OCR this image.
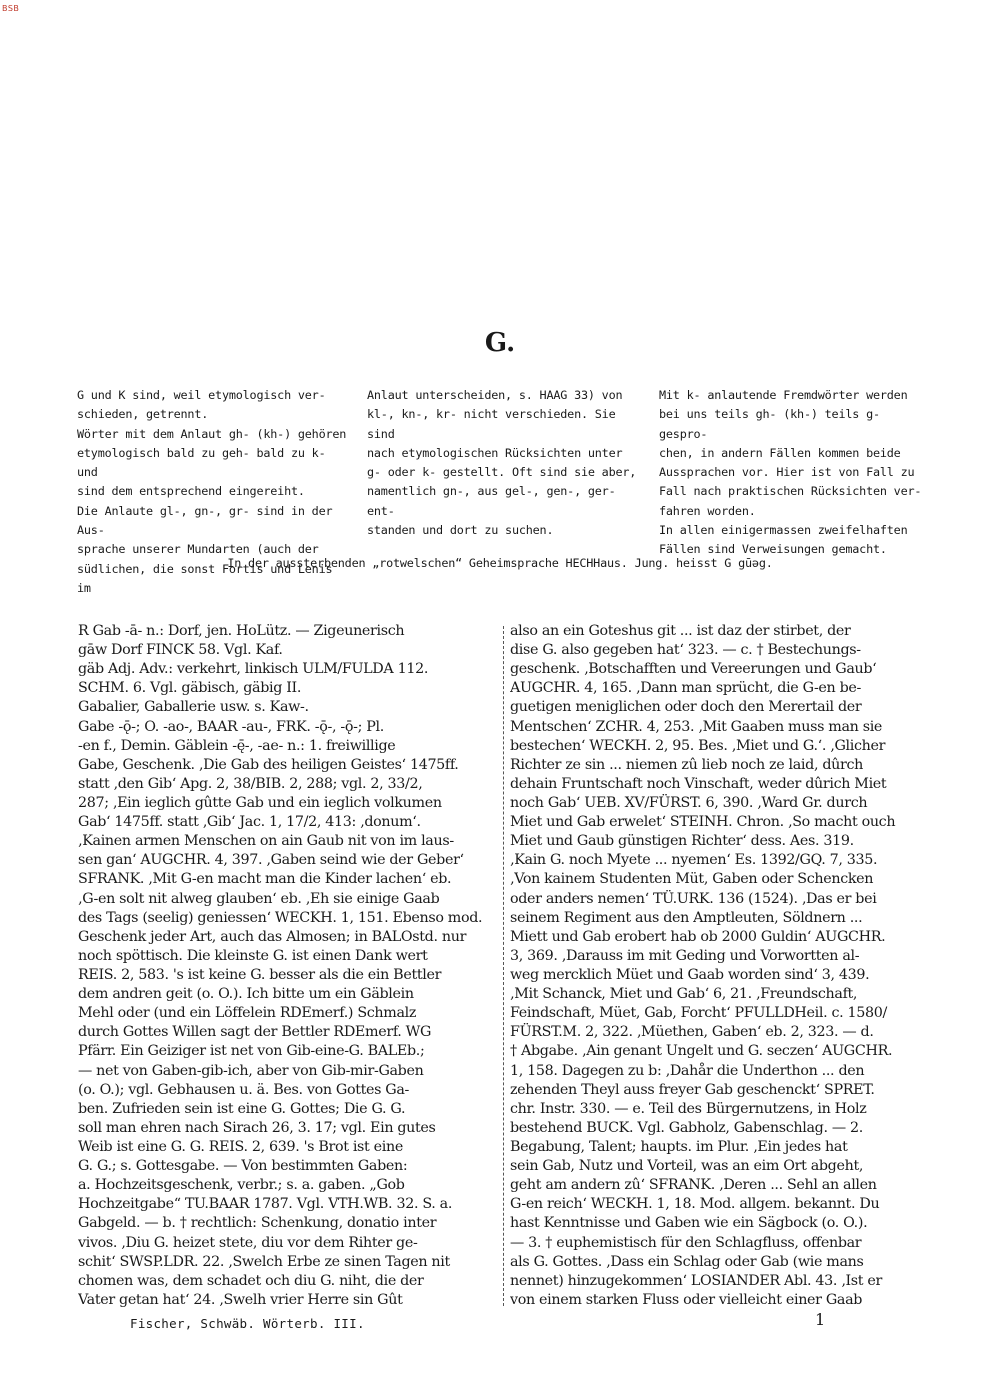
BSB
G.
G und K sind, weil etymologisch ver-
schieden, getrennt.
Wörter mit dem Anlaut gh- (kh-) gehören
etymologisch bald zu geh- bald zu k- und
sind dem entsprechend eingereiht.
Die Anlaute gl-, gn-, gr- sind in der Aus-
sprache unserer Mundarten (auch der
südlichen, die sonst Fortis und Lenis im
Anlaut unterscheiden, s. HAAG 33) von
kl-, kn-, kr- nicht verschieden. Sie sind
nach etymologischen Rücksichten unter
g- oder k- gestellt. Oft sind sie aber,
namentlich gn-, aus gel-, gen-, ger- ent-
standen und dort zu suchen.
Mit k- anlautende Fremdwörter werden
bei uns teils gh- (kh-) teils g- gespro-
chen, in andern Fällen kommen beide
Aussprachen vor. Hier ist von Fall zu
Fall nach praktischen Rücksichten ver-
fahren worden.
In allen einigermassen zweifelhaften
Fällen sind Verweisungen gemacht.
In der aussterbenden „rotwelschen“ Geheimsprache HECHHaus. Jung. heisst G gūəg.
R Gab -ā- n.: Dorf, jen. HoLütz. — Zigeunerisch
gāw Dorf FINCK 58. Vgl. Kaf.
gäb Adj. Adv.: verkehrt, linkisch ULM/FULDA 112.
SCHM. 6. Vgl. gäbisch, gäbig II.
Gabalier, Gaballerie usw. s. Kaw-.
Gabe -ǭ-; O. -ao-, BAAR -au-, FRK. -ǭ-, -ǭ-; Pl.
-en f., Demin. Gäblein -ę̄-, -ae- n.: 1. freiwillige
Gabe, Geschenk. ‚Die Gab des heiligen Geistes‘ 1475ff.
statt ‚den Gib‘ Apg. 2, 38/BIB. 2, 288; vgl. 2, 33/2,
287; ‚Ein ieglich gûtte Gab und ein ieglich volkumen
Gab‘ 1475ff. statt ‚Gib‘ Jac. 1, 17/2, 413: ‚donum‘.
‚Kainen armen Menschen on ain Gaub nit von im laus-
sen gan‘ AUGCHR. 4, 397. ‚Gaben seind wie der Geber‘
SFRANK. ‚Mit G-en macht man die Kinder lachen‘ eb.
‚G-en solt nit alweg glauben‘ eb. ‚Eh sie einige Gaab
des Tags (seelig) geniessen‘ WECKH. 1, 151. Ebenso mod.
Geschenk jeder Art, auch das Almosen; in BALOstd. nur
noch spöttisch. Die kleinste G. ist einen Dank wert
REIS. 2, 583. 's ist keine G. besser als die ein Bettler
dem andren geit (o. O.). Ich bitte um ein Gäblein
Mehl oder (und ein Löffelein RDEmerf.) Schmalz
durch Gottes Willen sagt der Bettler RDEmerf. WG
Pfärr. Ein Geiziger ist net von Gib-eine-G. BALEb.;
— net von Gaben-gib-ich, aber von Gib-mir-Gaben
(o. O.); vgl. Gebhausen u. ä. Bes. von Gottes Ga-
ben. Zufrieden sein ist eine G. Gottes; Die G. G.
soll man ehren nach Sirach 26, 3. 17; vgl. Ein gutes
Weib ist eine G. G. REIS. 2, 639. 's Brot ist eine
G. G.; s. Gottesgabe. — Von bestimmten Gaben:
a. Hochzeitsgeschenk, verbr.; s. a. gaben. „Gob
Hochzeitgabe“ TU.BAAR 1787. Vgl. VTH.WB. 32. S. a.
Gabgeld. — b. † rechtlich: Schenkung, donatio inter
vivos. ‚Diu G. heizet stete, diu vor dem Rihter ge-
schit‘ SWSP.LDR. 22. ‚Swelch Erbe ze sinen Tagen nit
chomen was, dem schadet och diu G. niht, die der
Vater getan hat‘ 24. ‚Swelh vrier Herre sin Gût
also an ein Goteshus git ... ist daz der stirbet, der
dise G. also gegeben hat‘ 323. — c. † Bestechungs-
geschenk. ‚Botschafften und Vereerungen und Gaub‘
AUGCHR. 4, 165. ‚Dann man sprücht, die G-en be-
guetigen meniglichen oder doch den Merertail der
Mentschen‘ ZCHR. 4, 253. ‚Mit Gaaben muss man sie
bestechen‘ WECKH. 2, 95. Bes. ‚Miet und G.‘. ‚Glicher
Richter ze sin ... niemen zû lieb noch ze laid, dûrch
dehain Fruntschaft noch Vinschaft, weder dûrich Miet
noch Gab‘ UEB. XV/FÜRST. 6, 390. ‚Ward Gr. durch
Miet und Gab erwelet‘ STEINH. Chron. ‚So macht ouch
Miet und Gaub günstigen Richter‘ dess. Aes. 319.
‚Kain G. noch Myete ... nyemen‘ Es. 1392/GQ. 7, 335.
‚Von kainem Studenten Müt, Gaben oder Schencken
oder anders nemen‘ TÜ.URK. 136 (1524). ‚Das er bei
seinem Regiment aus den Amptleuten, Söldnern ...
Miett und Gab erobert hab ob 2000 Guldin‘ AUGCHR.
3, 369. ‚Darauss im mit Geding und Vorwortten al-
weg mercklich Müet und Gaab worden sind‘ 3, 439.
‚Mit Schanck, Miet und Gab‘ 6, 21. ‚Freundschaft,
Feindschaft, Müet, Gab, Forcht‘ PFULLDHeil. c. 1580/
FÜRST.M. 2, 322. ‚Müethen, Gaben‘ eb. 2, 323. — d.
† Abgabe. ‚Ain genant Ungelt und G. seczen‘ AUGCHR.
1, 158. Dagegen zu b: ‚Dahår die Underthon ... den
zehenden Theyl auss freyer Gab geschenckt‘ SPRET.
chr. Instr. 330. — e. Teil des Bürgernutzens, in Holz
bestehend BUCK. Vgl. Gabholz, Gabenschlag. — 2.
Begabung, Talent; haupts. im Plur. ‚Ein jedes hat
sein Gab, Nutz und Vorteil, was an eim Ort abgeht,
geht am andern zû‘ SFRANK. ‚Deren ... Sehl an allen
G-en reich‘ WECKH. 1, 18. Mod. allgem. bekannt. Du
hast Kenntnisse und Gaben wie ein Sägbock (o. O.).
— 3. † euphemistisch für den Schlagfluss, offenbar
als G. Gottes. ‚Dass ein Schlag oder Gab (wie mans
nennet) hinzugekommen‘ LOSIANDER Abl. 43. ‚Ist er
von einem starken Fluss oder vielleicht einer Gaab
Fischer, Schwäb. Wörterb. III.	1
